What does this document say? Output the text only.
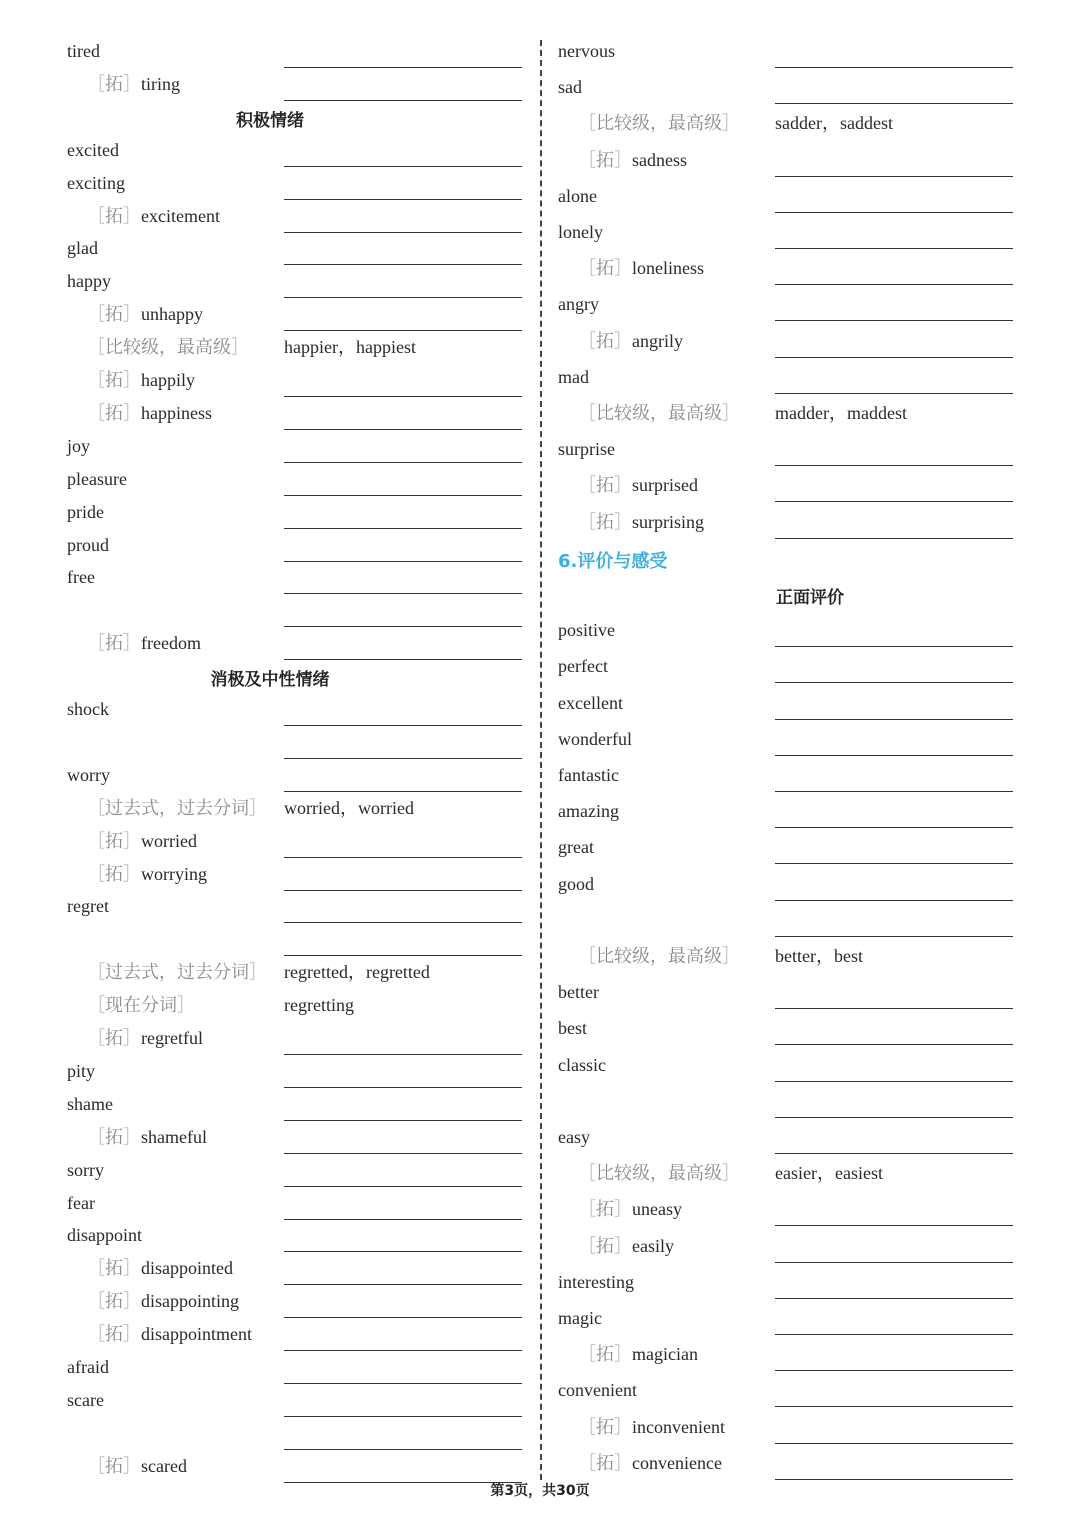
tired
［拓］tiring
积极情绪
excited
exciting
［拓］excitement
glad
happy
［拓］unhappy
［比较级，最高级］ happier，happiest
［拓］happily
［拓］happiness
joy
pleasure
pride
proud
free
［拓］freedom
消极及中性情绪
shock
worry
［过去式，过去分词］ worried，worried
［拓］worried
［拓］worrying
regret
［过去式，过去分词］ regretted，regretted
［现在分词］	regretting
［拓］regretful
pity
shame
［拓］shameful
sorry
fear
disappoint
［拓］disappointed
［拓］disappointing
［拓］disappointment
afraid
scare
［拓］scared
nervous
sad
［比较级，最高级］ sadder，saddest
［拓］sadness
alone
lonely
［拓］loneliness
angry
［拓］angrily
mad
［比较级，最高级］ madder，maddest
surprise
［拓］surprised
［拓］surprising
6.评价与感受
正面评价
positive
perfect
excellent
wonderful
fantastic
amazing
great
good
［比较级，最高级］ better，best
better
best
classic
easy
［比较级，最高级］ easier，easiest
［拓］uneasy
［拓］easily
interesting
magic
［拓］magician
convenient
［拓］inconvenient
［拓］convenience
第3页，共30页
